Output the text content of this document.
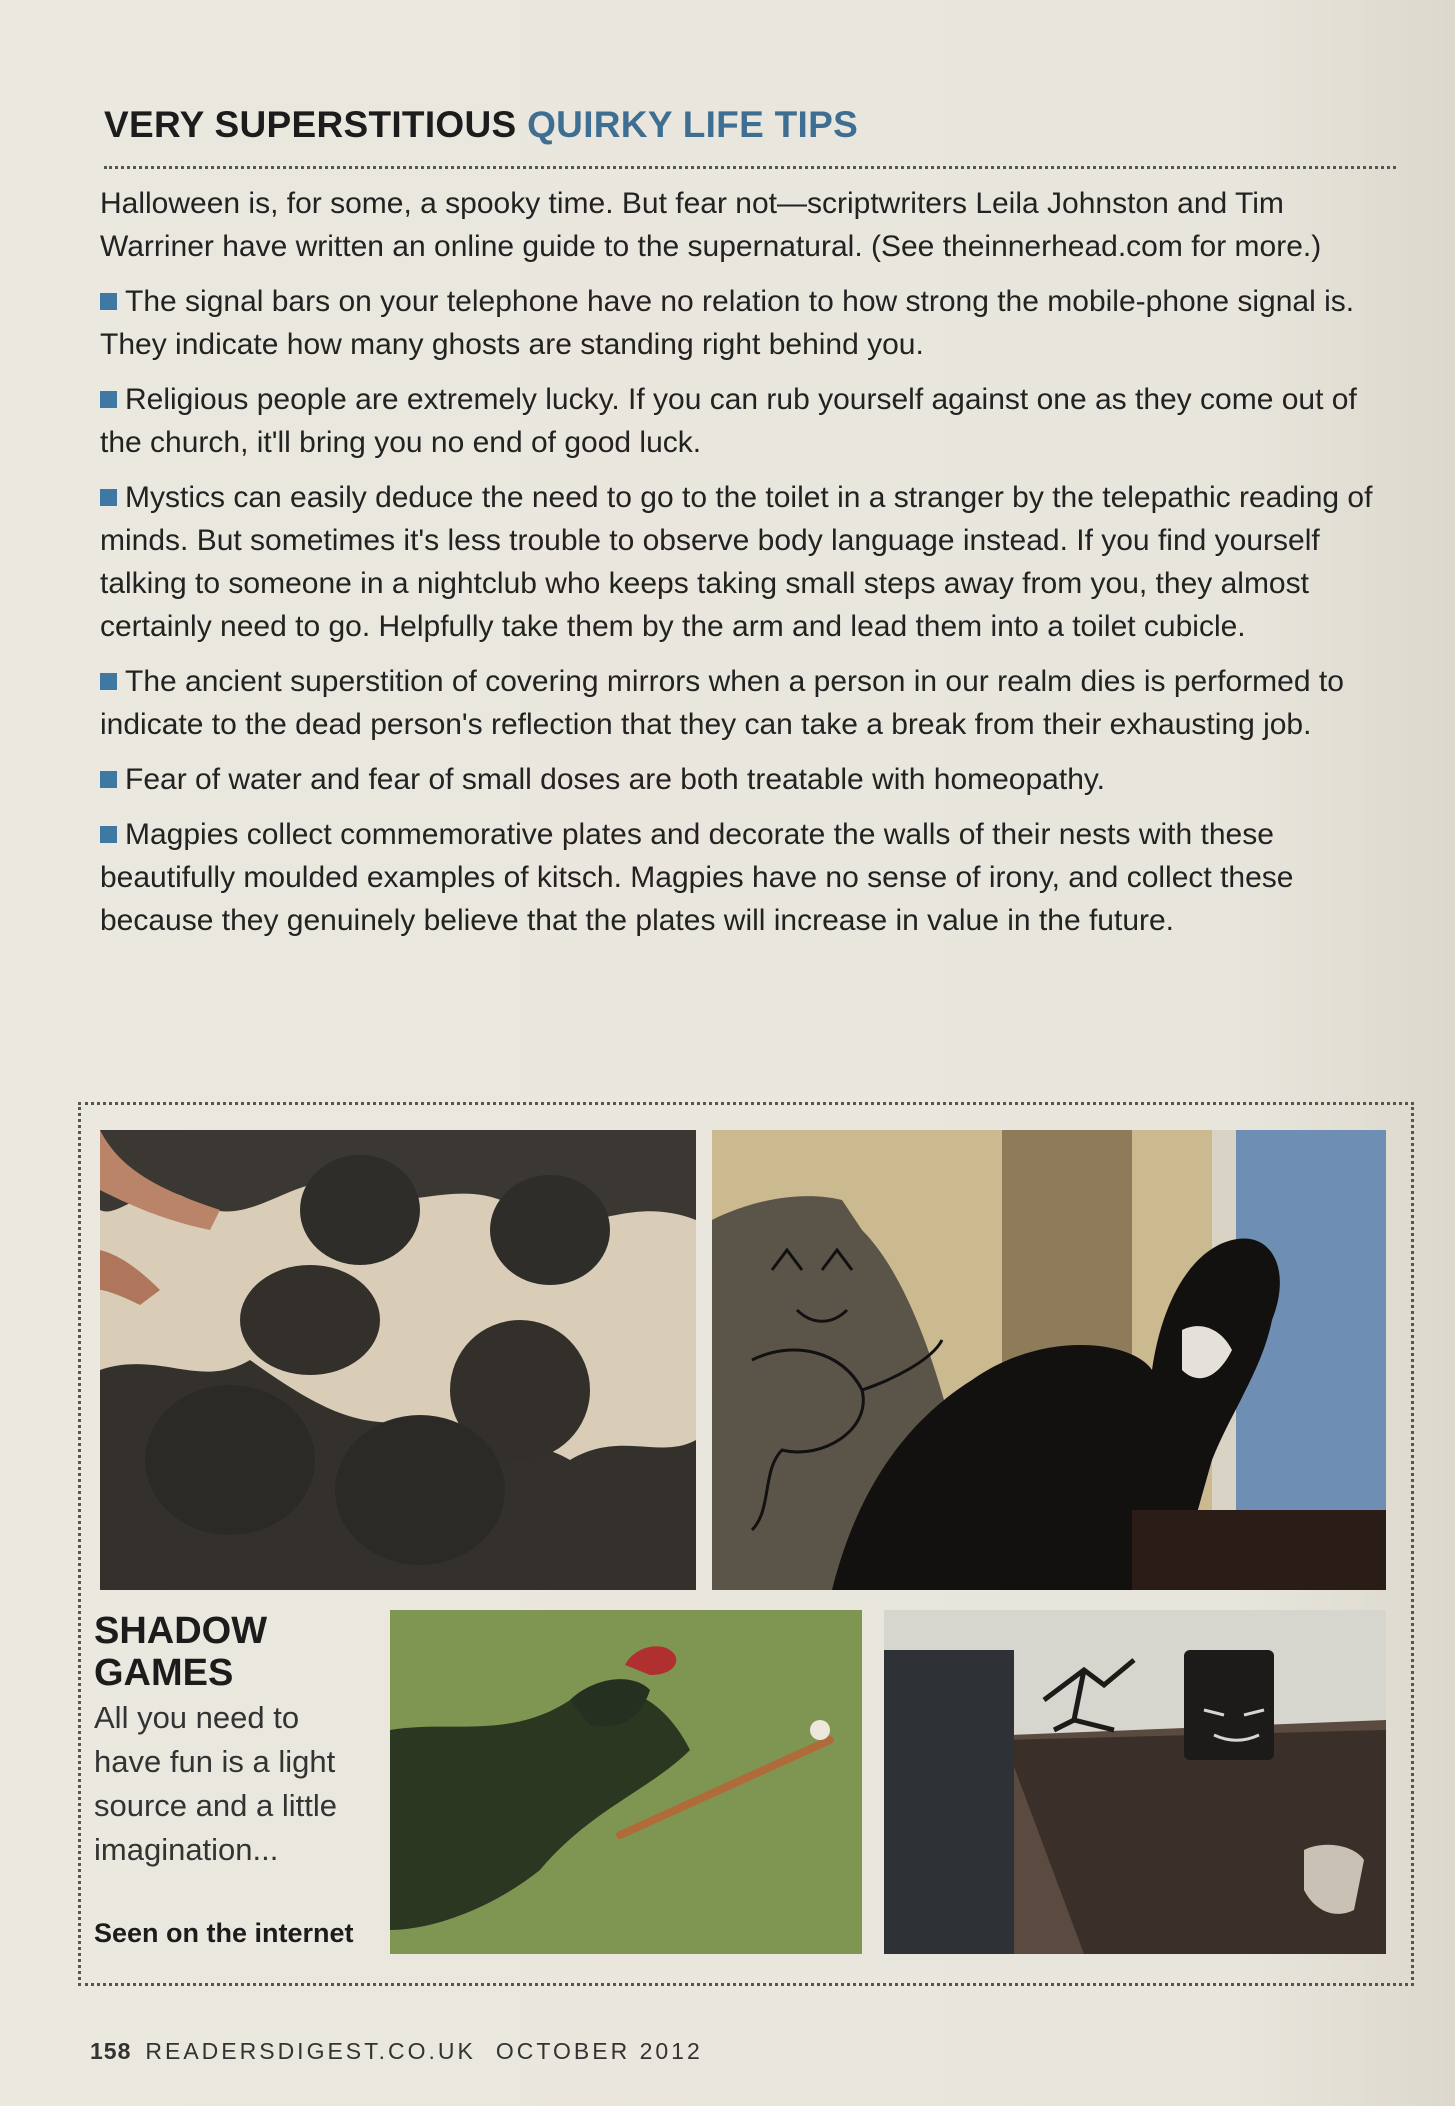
VERY SUPERSTITIOUS QUIRKY LIFE TIPS

Halloween is, for some, a spooky time. But fear not—scriptwriters Leila Johnston and Tim Warriner have written an online guide to the supernatural. (See theinnerhead.com for more.)

The signal bars on your telephone have no relation to how strong the mobile-phone signal is. They indicate how many ghosts are standing right behind you.

Religious people are extremely lucky. If you can rub yourself against one as they come out of the church, it'll bring you no end of good luck.

Mystics can easily deduce the need to go to the toilet in a stranger by the telepathic reading of minds. But sometimes it's less trouble to observe body language instead. If you find yourself talking to someone in a nightclub who keeps taking small steps away from you, they almost certainly need to go. Helpfully take them by the arm and lead them into a toilet cubicle.

The ancient superstition of covering mirrors when a person in our realm dies is performed to indicate to the dead person's reflection that they can take a break from their exhausting job.

Fear of water and fear of small doses are both treatable with homeopathy.

Magpies collect commemorative plates and decorate the walls of their nests with these beautifully moulded examples of kitsch. Magpies have no sense of irony, and collect these because they genuinely believe that the plates will increase in value in the future.

SHADOW
GAMES
All you need to have fun is a light source and a little imagination...
Seen on the internet
158 READERSDIGEST.CO.UK OCTOBER 2012
